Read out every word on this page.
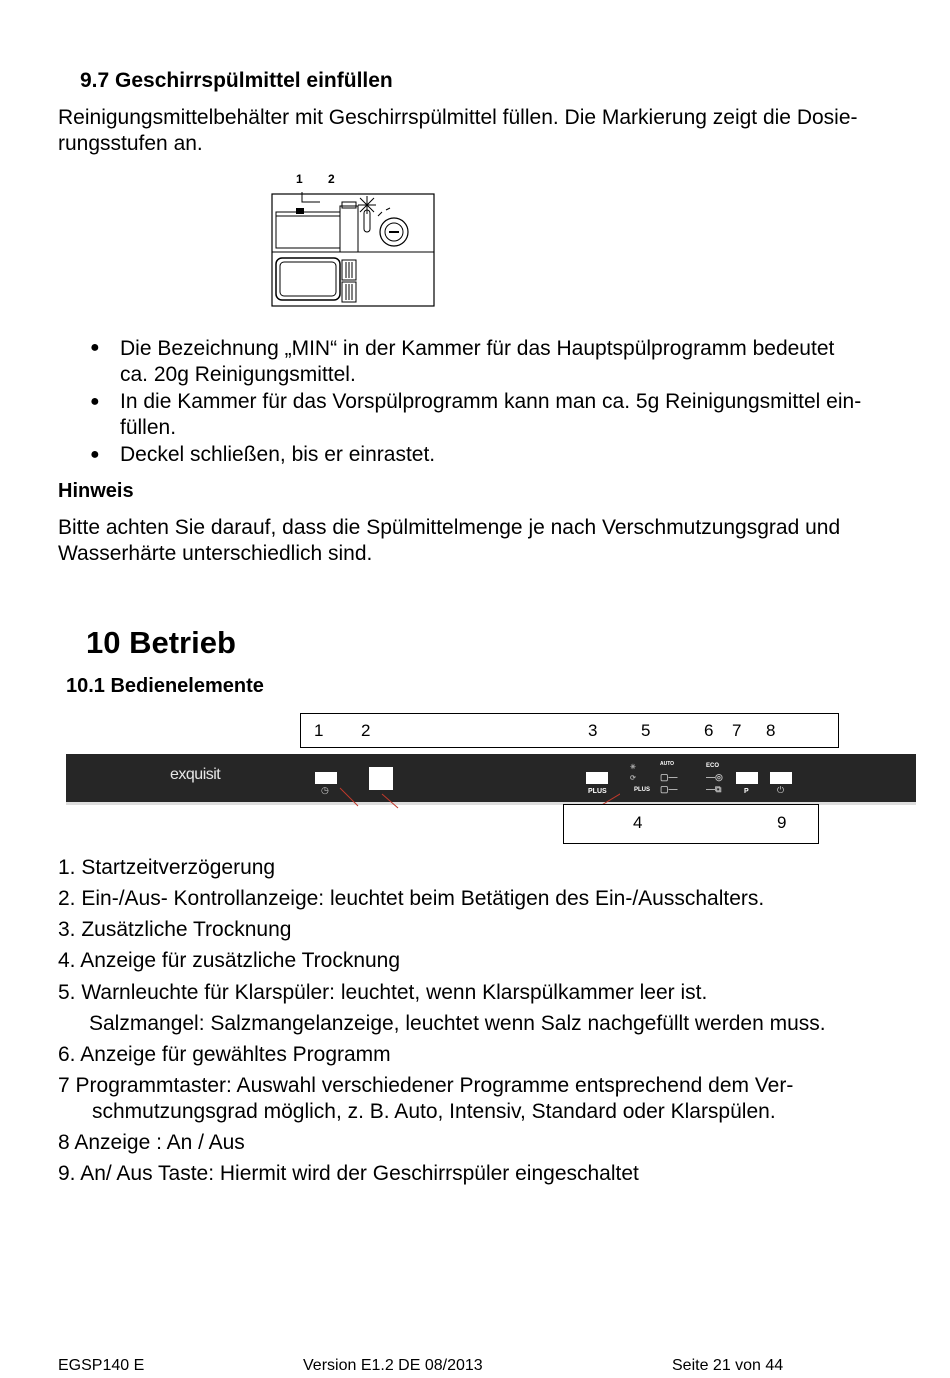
9.7 Geschirrspülmittel einfüllen
Reinigungsmittelbehälter mit Geschirrspülmittel füllen. Die Markierung zeigt die Dosie-
rungsstufen an.
1 2
● Die Bezeichnung „MIN“ in der Kammer für das Hauptspülprogramm bedeutet
ca. 20g Reinigungsmittel.
● In die Kammer für das Vorspülprogramm kann man ca. 5g Reinigungsmittel ein-
füllen.
● Deckel schließen, bis er einrastet.
Hinweis
Bitte achten Sie darauf, dass die Spülmittelmenge je nach Verschmutzungsgrad und
Wasserhärte unterschiedlich sind.
10 Betrieb
10.1 Bedienelemente
1 2	3	5	6 7 8
exquisit
◷	PLUS
✳
⟳
PLUS
AUTO
▢—
▢—
ECO
—◎
—⧉	P	⏻
4	9
1. Startzeitverzögerung
2. Ein-/Aus- Kontrollanzeige: leuchtet beim Betätigen des Ein-/Ausschalters.
3. Zusätzliche Trocknung
4. Anzeige für zusätzliche Trocknung
5. Warnleuchte für Klarspüler: leuchtet, wenn Klarspülkammer leer ist.
Salzmangel: Salzmangelanzeige, leuchtet wenn Salz nachgefüllt werden muss.
6. Anzeige für gewähltes Programm
7 Programmtaster: Auswahl verschiedener Programme entsprechend dem Ver-
schmutzungsgrad möglich, z. B. Auto, Intensiv, Standard oder Klarspülen.
8 Anzeige : An / Aus
9. An/ Aus Taste: Hiermit wird der Geschirrspüler eingeschaltet
EGSP140 E	Version E1.2 DE 08/2013	Seite 21 von 44
